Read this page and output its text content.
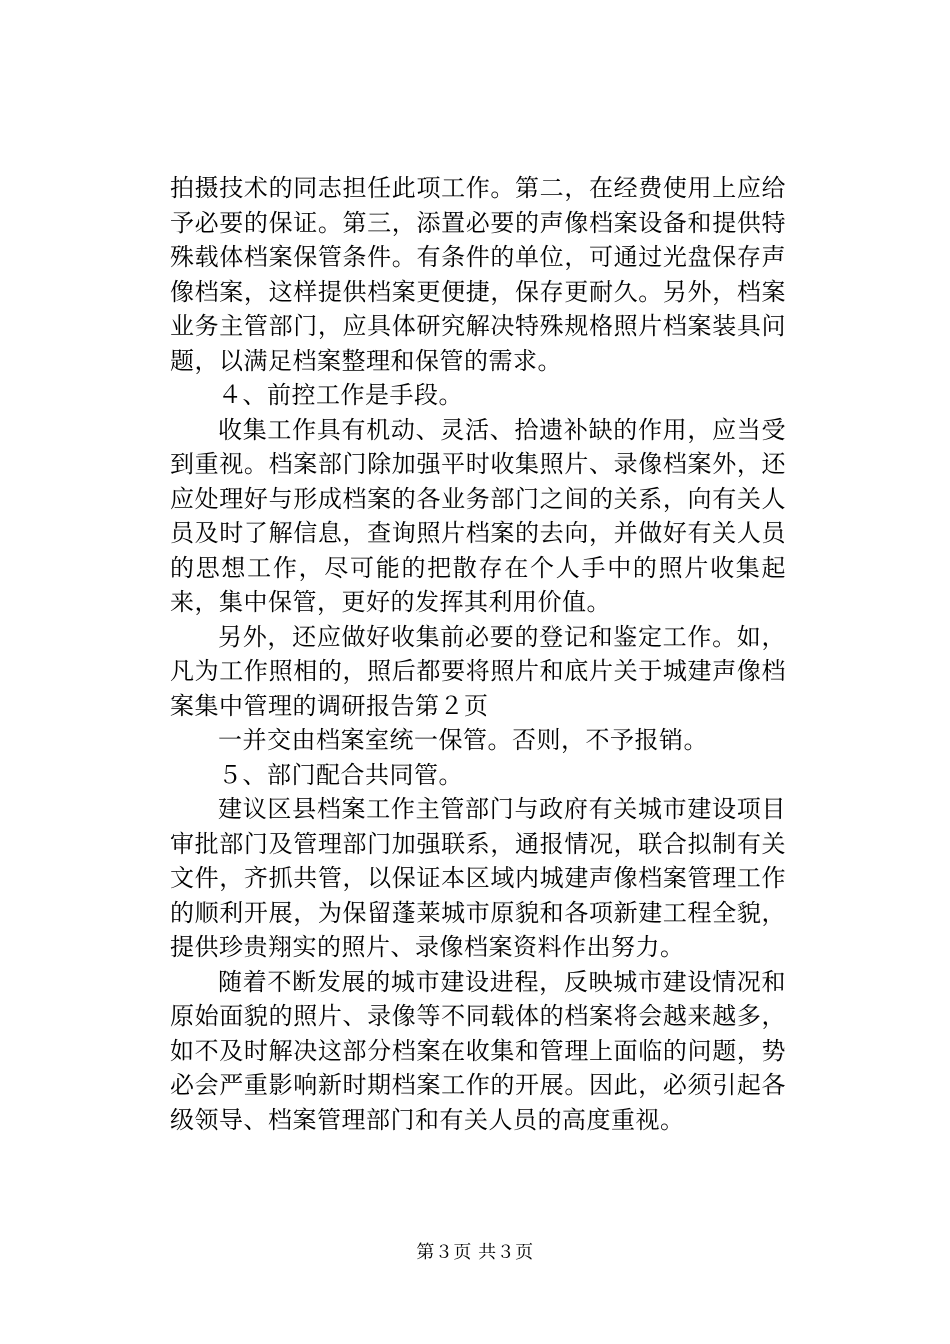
拍摄技术的同志担任此项工作。第二，在经费使用上应给予必要的保证。第三，添置必要的声像档案设备和提供特殊载体档案保管条件。有条件的单位，可通过光盘保存声像档案，这样提供档案更便捷，保存更耐久。另外，档案业务主管部门，应具体研究解决特殊规格照片档案装具问题，以满足档案整理和保管的需求。

４、前控工作是手段。

收集工作具有机动、灵活、拾遗补缺的作用，应当受到重视。档案部门除加强平时收集照片、录像档案外，还应处理好与形成档案的各业务部门之间的关系，向有关人员及时了解信息，查询照片档案的去向，并做好有关人员的思想工作，尽可能的把散存在个人手中的照片收集起来，集中保管，更好的发挥其利用价值。

另外，还应做好收集前必要的登记和鉴定工作。如，凡为工作照相的，照后都要将照片和底片关于城建声像档案集中管理的调研报告第２页

一并交由档案室统一保管。否则，不予报销。

５、部门配合共同管。

建议区县档案工作主管部门与政府有关城市建设项目审批部门及管理部门加强联系，通报情况，联合拟制有关文件，齐抓共管，以保证本区域内城建声像档案管理工作的顺利开展，为保留蓬莱城市原貌和各项新建工程全貌，提供珍贵翔实的照片、录像档案资料作出努力。

随着不断发展的城市建设进程，反映城市建设情况和原始面貌的照片、录像等不同载体的档案将会越来越多，如不及时解决这部分档案在收集和管理上面临的问题，势必会严重影响新时期档案工作的开展。因此，必须引起各级领导、档案管理部门和有关人员的高度重视。

第３页 共３页
